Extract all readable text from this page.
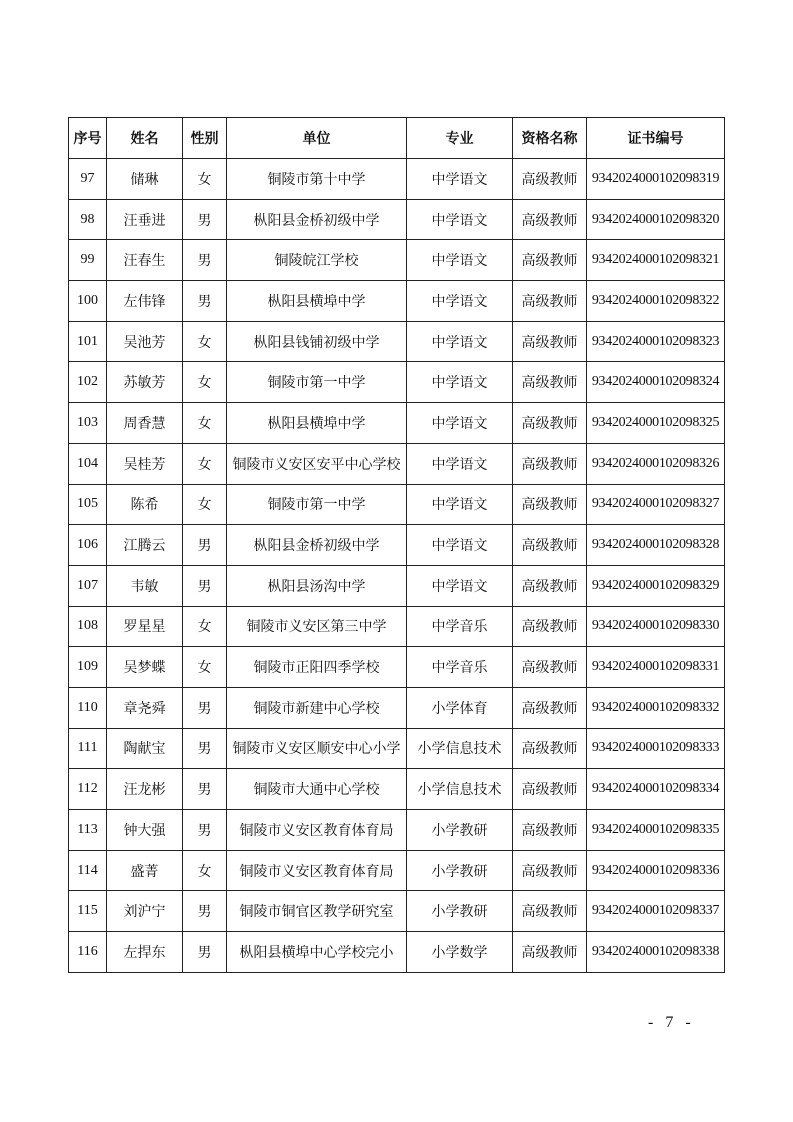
序号	姓名	性别	单位	专业	资格名称	证书编号
97	储琳	女	铜陵市第十中学	中学语文	高级教师	9342024000102098319
98	汪垂进	男	枞阳县金桥初级中学	中学语文	高级教师	9342024000102098320
99	汪春生	男	铜陵皖江学校	中学语文	高级教师	9342024000102098321
100	左伟锋	男	枞阳县横埠中学	中学语文	高级教师	9342024000102098322
101	吴池芳	女	枞阳县钱铺初级中学	中学语文	高级教师	9342024000102098323
102	苏敏芳	女	铜陵市第一中学	中学语文	高级教师	9342024000102098324
103	周香慧	女	枞阳县横埠中学	中学语文	高级教师	9342024000102098325
104	吴桂芳	女	铜陵市义安区安平中心学校	中学语文	高级教师	9342024000102098326
105	陈希	女	铜陵市第一中学	中学语文	高级教师	9342024000102098327
106	江腾云	男	枞阳县金桥初级中学	中学语文	高级教师	9342024000102098328
107	韦敏	男	枞阳县汤沟中学	中学语文	高级教师	9342024000102098329
108	罗星星	女	铜陵市义安区第三中学	中学音乐	高级教师	9342024000102098330
109	吴梦蝶	女	铜陵市正阳四季学校	中学音乐	高级教师	9342024000102098331
110	章尧舜	男	铜陵市新建中心学校	小学体育	高级教师	9342024000102098332
111	陶献宝	男	铜陵市义安区顺安中心小学	小学信息技术	高级教师	9342024000102098333
112	汪龙彬	男	铜陵市大通中心学校	小学信息技术	高级教师	9342024000102098334
113	钟大强	男	铜陵市义安区教育体育局	小学教研	高级教师	9342024000102098335
114	盛菁	女	铜陵市义安区教育体育局	小学教研	高级教师	9342024000102098336
115	刘沪宁	男	铜陵市铜官区教学研究室	小学教研	高级教师	9342024000102098337
116	左捍东	男	枞阳县横埠中心学校完小	小学数学	高级教师	9342024000102098338
- 7 -
